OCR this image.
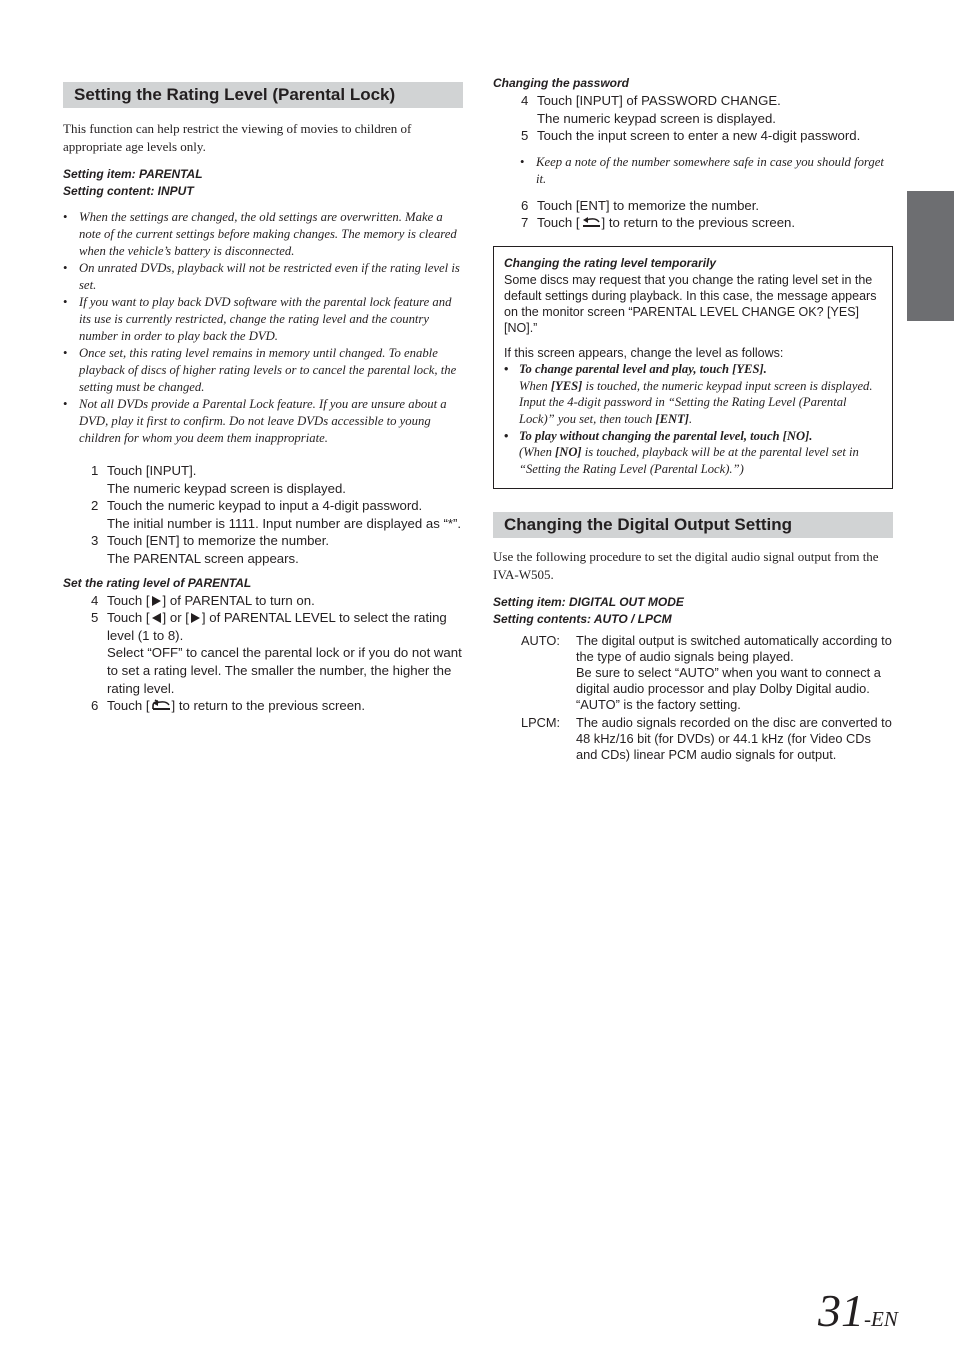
Setting the Rating Level (Parental Lock)

This function can help restrict the viewing of movies to children of appropriate age levels only.

Setting item: PARENTAL

Setting content: INPUT

• When the settings are changed, the old settings are overwritten. Make a note of the current settings before making changes. The memory is cleared when the vehicle’s battery is disconnected.
• On unrated DVDs, playback will not be restricted even if the rating level is set.
• If you want to play back DVD software with the parental lock feature and its use is currently restricted, change the rating level and the country number in order to play back the DVD.
• Once set, this rating level remains in memory until changed. To enable playback of discs of higher rating levels or to cancel the parental lock, the setting must be changed.
• Not all DVDs provide a Parental Lock feature. If you are unsure about a DVD, play it first to confirm. Do not leave DVDs accessible to young children for whom you deem them inappropriate.
1 Touch [INPUT].
The numeric keypad screen is displayed.
2 Touch the numeric keypad to input a 4-digit password.
The initial number is 1111. Input number are displayed as “*”.
3 Touch [ENT] to memorize the number.
The PARENTAL screen appears.

Set the rating level of PARENTAL

4 Touch [ ] of PARENTAL to turn on.
5 Touch [ ] or [ ] of PARENTAL LEVEL to select the rating level (1 to 8).
Select “OFF” to cancel the parental lock or if you do not want to set a rating level. The smaller the number, the higher the rating level.
6 Touch [ ] to return to the previous screen.

Changing the password

4 Touch [INPUT] of PASSWORD CHANGE.
The numeric keypad screen is displayed.
5 Touch the input screen to enter a new 4-digit password.
• Keep a note of the number somewhere safe in case you should forget it.
6 Touch [ENT] to memorize the number.
7 Touch [ ] to return to the previous screen.

Changing the rating level temporarily

Some discs may request that you change the rating level set in the default settings during playback. In this case, the message appears on the monitor screen “PARENTAL LEVEL CHANGE OK? [YES] [NO].”

If this screen appears, change the level as follows:

• To change parental level and play, touch [YES].
When [YES] is touched, the numeric keypad input screen is displayed. Input the 4-digit password in “Setting the Rating Level (Parental Lock)” you set, then touch [ENT].
• To play without changing the parental level, touch [NO].
(When [NO] is touched, playback will be at the parental level set in “Setting the Rating Level (Parental Lock).”)
Changing the Digital Output Setting

Use the following procedure to set the digital audio signal output from the IVA-W505.

Setting item: DIGITAL OUT MODE

Setting contents: AUTO / LPCM

AUTO: The digital output is switched automatically according to the type of audio signals being played.
Be sure to select “AUTO” when you want to connect a digital audio processor and play Dolby Digital audio.
“AUTO” is the factory setting.
LPCM: The audio signals recorded on the disc are converted to 48 kHz/16 bit (for DVDs) or 44.1 kHz (for Video CDs and CDs) linear PCM audio signals for output.
31-EN
